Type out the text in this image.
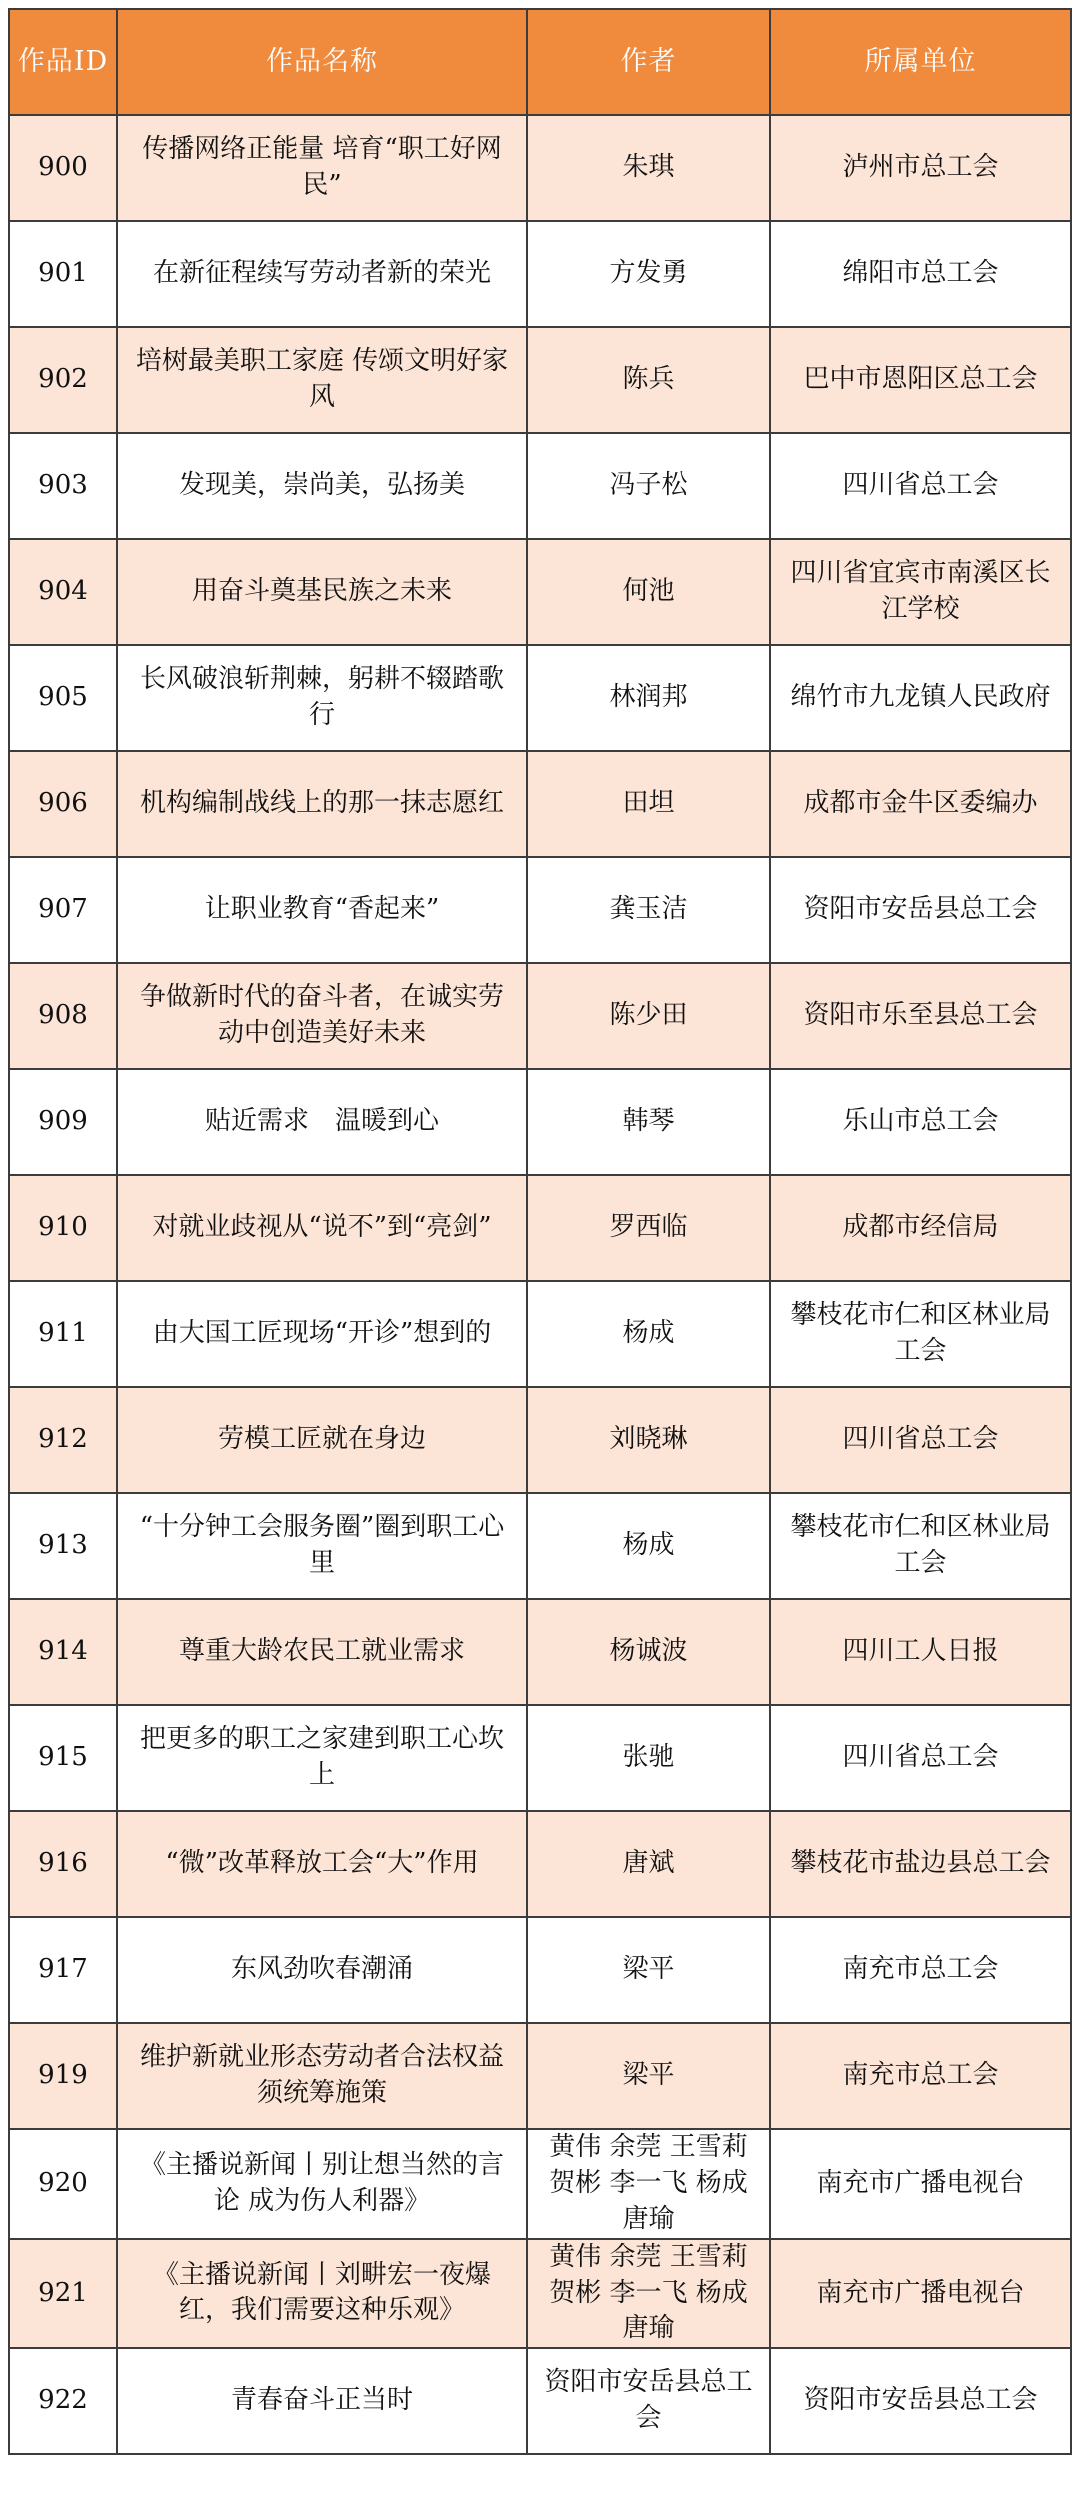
作品ID	作品名称	作者	所属单位
900	传播网络正能量 培育“职工好网民”	朱琪	泸州市总工会
901	在新征程续写劳动者新的荣光	方发勇	绵阳市总工会
902	培树最美职工家庭 传颂文明好家风	陈兵	巴中市恩阳区总工会
903	发现美，崇尚美，弘扬美	冯子松	四川省总工会
904	用奋斗奠基民族之未来	何池	四川省宜宾市南溪区长江学校
905	长风破浪斩荆棘，躬耕不辍踏歌行	林润邦	绵竹市九龙镇人民政府
906	机构编制战线上的那一抹志愿红	田坦	成都市金牛区委编办
907	让职业教育“香起来”	龚玉洁	资阳市安岳县总工会
908	争做新时代的奋斗者，在诚实劳动中创造美好未来	陈少田	资阳市乐至县总工会
909	贴近需求　温暖到心	韩琴	乐山市总工会
910	对就业歧视从“说不”到“亮剑”	罗西临	成都市经信局
911	由大国工匠现场“开诊”想到的	杨成	攀枝花市仁和区林业局工会
912	劳模工匠就在身边	刘晓琳	四川省总工会
913	“十分钟工会服务圈”圈到职工心里	杨成	攀枝花市仁和区林业局工会
914	尊重大龄农民工就业需求	杨诚波	四川工人日报
915	把更多的职工之家建到职工心坎上	张驰	四川省总工会
916	“微”改革释放工会“大”作用	唐斌	攀枝花市盐边县总工会
917	东风劲吹春潮涌	梁平	南充市总工会
919	维护新就业形态劳动者合法权益须统筹施策	梁平	南充市总工会
920	《主播说新闻丨别让想当然的言论 成为伤人利器》	黄伟 余莞 王雪莉 贺彬 李一飞 杨成 唐瑜	南充市广播电视台
921	《主播说新闻丨刘畊宏一夜爆红，我们需要这种乐观》	黄伟 余莞 王雪莉 贺彬 李一飞 杨成 唐瑜	南充市广播电视台
922	青春奋斗正当时	资阳市安岳县总工会	资阳市安岳县总工会
